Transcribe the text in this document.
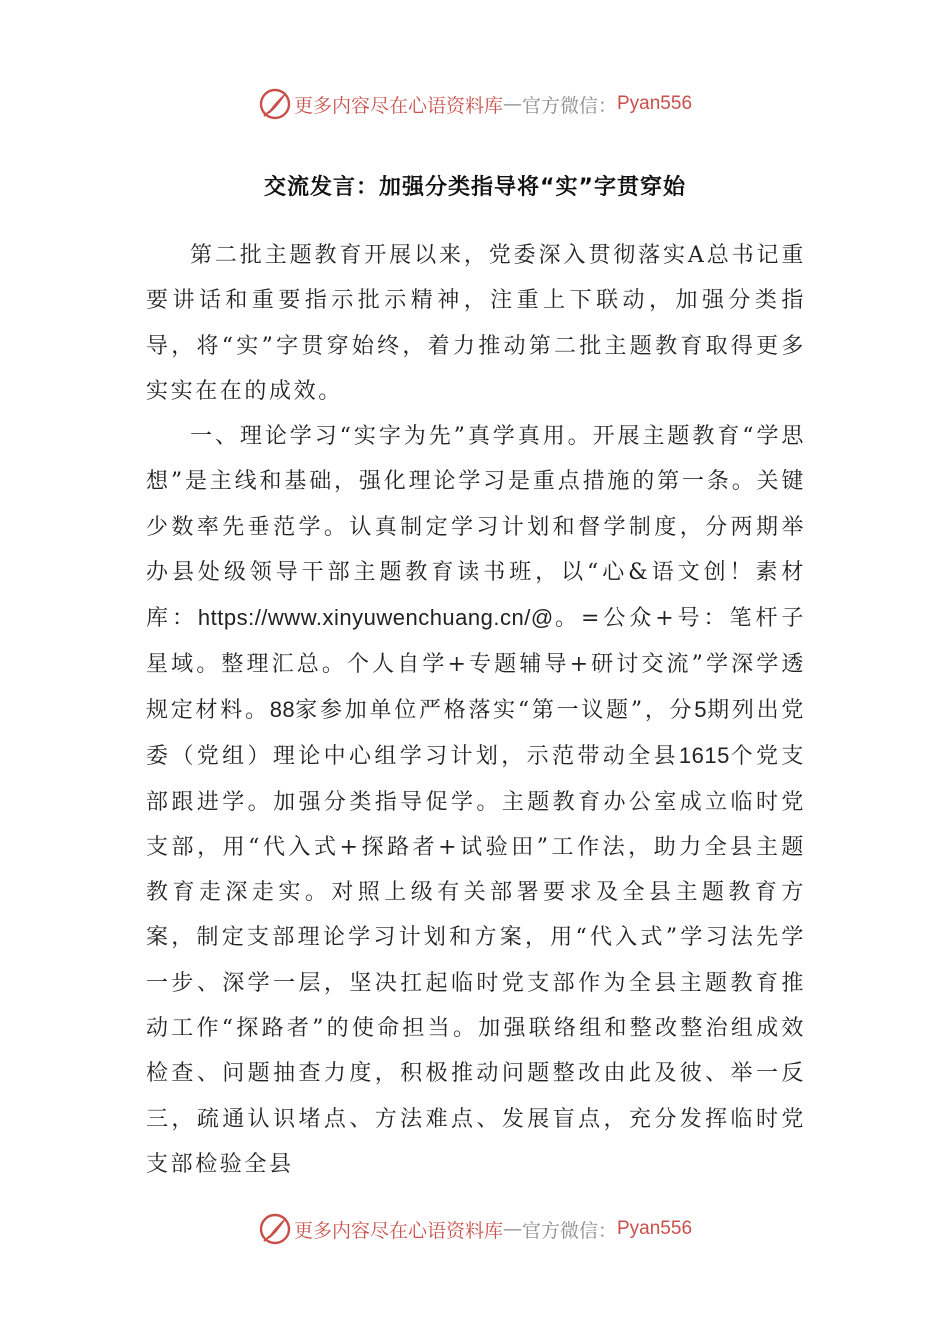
更多内容尽在心语资料库 — 官方微信： Pyan556
交流发言：加强分类指导将“实”字贯穿始

第二批主题教育开展以来，党委深入贯彻落实A总书记重要讲话和重要指示批示精神，注重上下联动，加强分类指导，将“实”字贯穿始终，着力推动第二批主题教育取得更多实实在在的成效。

一、理论学习“实字为先”真学真用。开展主题教育“学思想”是主线和基础，强化理论学习是重点措施的第一条。关键少数率先垂范学。认真制定学习计划和督学制度，分两期举办县处级领导干部主题教育读书班，以“心&语文创！素材库：https://www.xinyuwenchuang.cn/@。=公众+号：笔杆子星域。整理汇总。个人自学+专题辅导+研讨交流”学深学透规定材料。88家参加单位严格落实“第一议题”，分5期列出党委（党组）理论中心组学习计划，示范带动全县1615个党支部跟进学。加强分类指导促学。主题教育办公室成立临时党支部，用“代入式+探路者+试验田”工作法，助力全县主题教育走深走实。对照上级有关部署要求及全县主题教育方案，制定支部理论学习计划和方案，用“代入式”学习法先学一步、深学一层，坚决扛起临时党支部作为全县主题教育推动工作“探路者”的使命担当。加强联络组和整改整治组成效检查、问题抽查力度，积极推动问题整改由此及彼、举一反三，疏通认识堵点、方法难点、发展盲点，充分发挥临时党支部检验全县

更多内容尽在心语资料库 — 官方微信： Pyan556
